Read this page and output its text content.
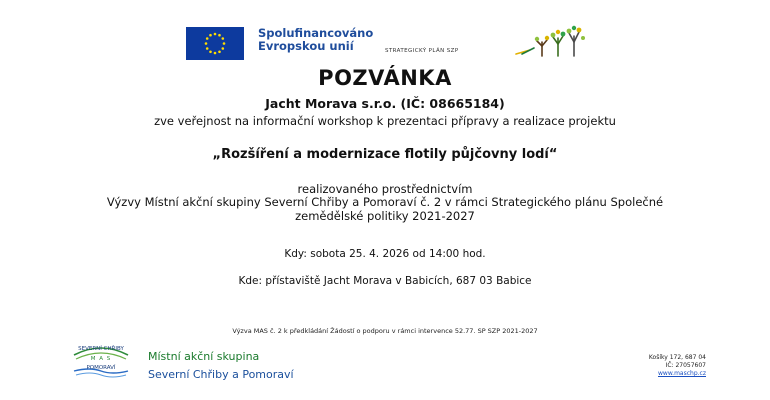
Spolufinancováno
Evropskou unií	STRATEGICKÝ PLÁN SZP
POZVÁNKA
Jacht Morava s.r.o. (IČ: 08665184)
zve veřejnost na informační workshop k prezentaci přípravy a realizace projektu
„Rozšíření a modernizace flotily půjčovny lodí“
realizovaného prostřednictvím
Výzvy Místní akční skupiny Severní Chřiby a Pomoraví č. 2 v rámci Strategického plánu Společné
zemědělské politiky 2021-2027
Kdy: sobota 25. 4. 2026 od 14:00 hod.
Kde: přístaviště Jacht Morava v Babicích, 687 03 Babice
Výzva MAS č. 2 k předkládání Žádostí o podporu v rámci intervence 52.77. SP SZP 2021-2027
SEVERNÍ CHŘIBY
M A S
POMORAVÍ
Místní akční skupina
Severní Chřiby a Pomoraví
Košíky 172, 687 04
IČ: 27057607
www.maschp.cz
